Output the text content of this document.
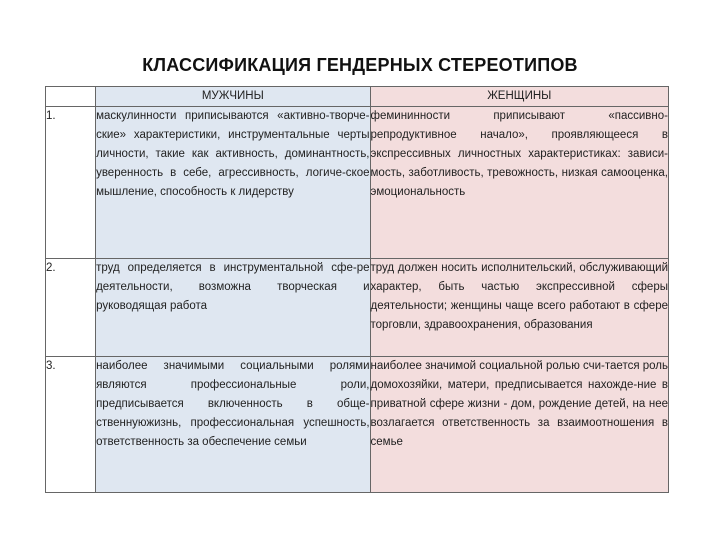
КЛАССИФИКАЦИЯ ГЕНДЕРНЫХ СТЕРЕОТИПОВ
	МУЖЧИНЫ	ЖЕНЩИНЫ
1.	маскулинности приписываются «активно-творче-ские» характеристики, инструментальные черты личности, такие как активность, доминантность, уверенность в себе, агрессивность, логиче-ское мышление, способность к лидерству	фемининности приписывают «пассивно-репродуктивное начало», проявляющееся в экспрессивных личностных характеристиках: зависи-мость, заботливость, тревожность, низкая самооценка, эмоциональность
2.	труд определяется в инструментальной сфе-ре деятельности, возможна творческая и руководящая работа	труд должен носить исполнительский, обслуживающий характер, быть частью экспрессивной сферы деятельности; женщины чаще всего работают в сфере торговли, здравоохранения, образования
3.	наиболее значимыми социальными ролями являются профессиональные роли, предписывается включенность в обще-ственнуюжизнь, профессиональная успешность, ответственность за обеспечение семьи	наиболее значимой социальной ролью счи-тается роль домохозяйки, матери, предписывается нахожде-ние в приватной сфере жизни - дом, рождение детей, на нее возлагается ответственность за взаимоотношения в семье
